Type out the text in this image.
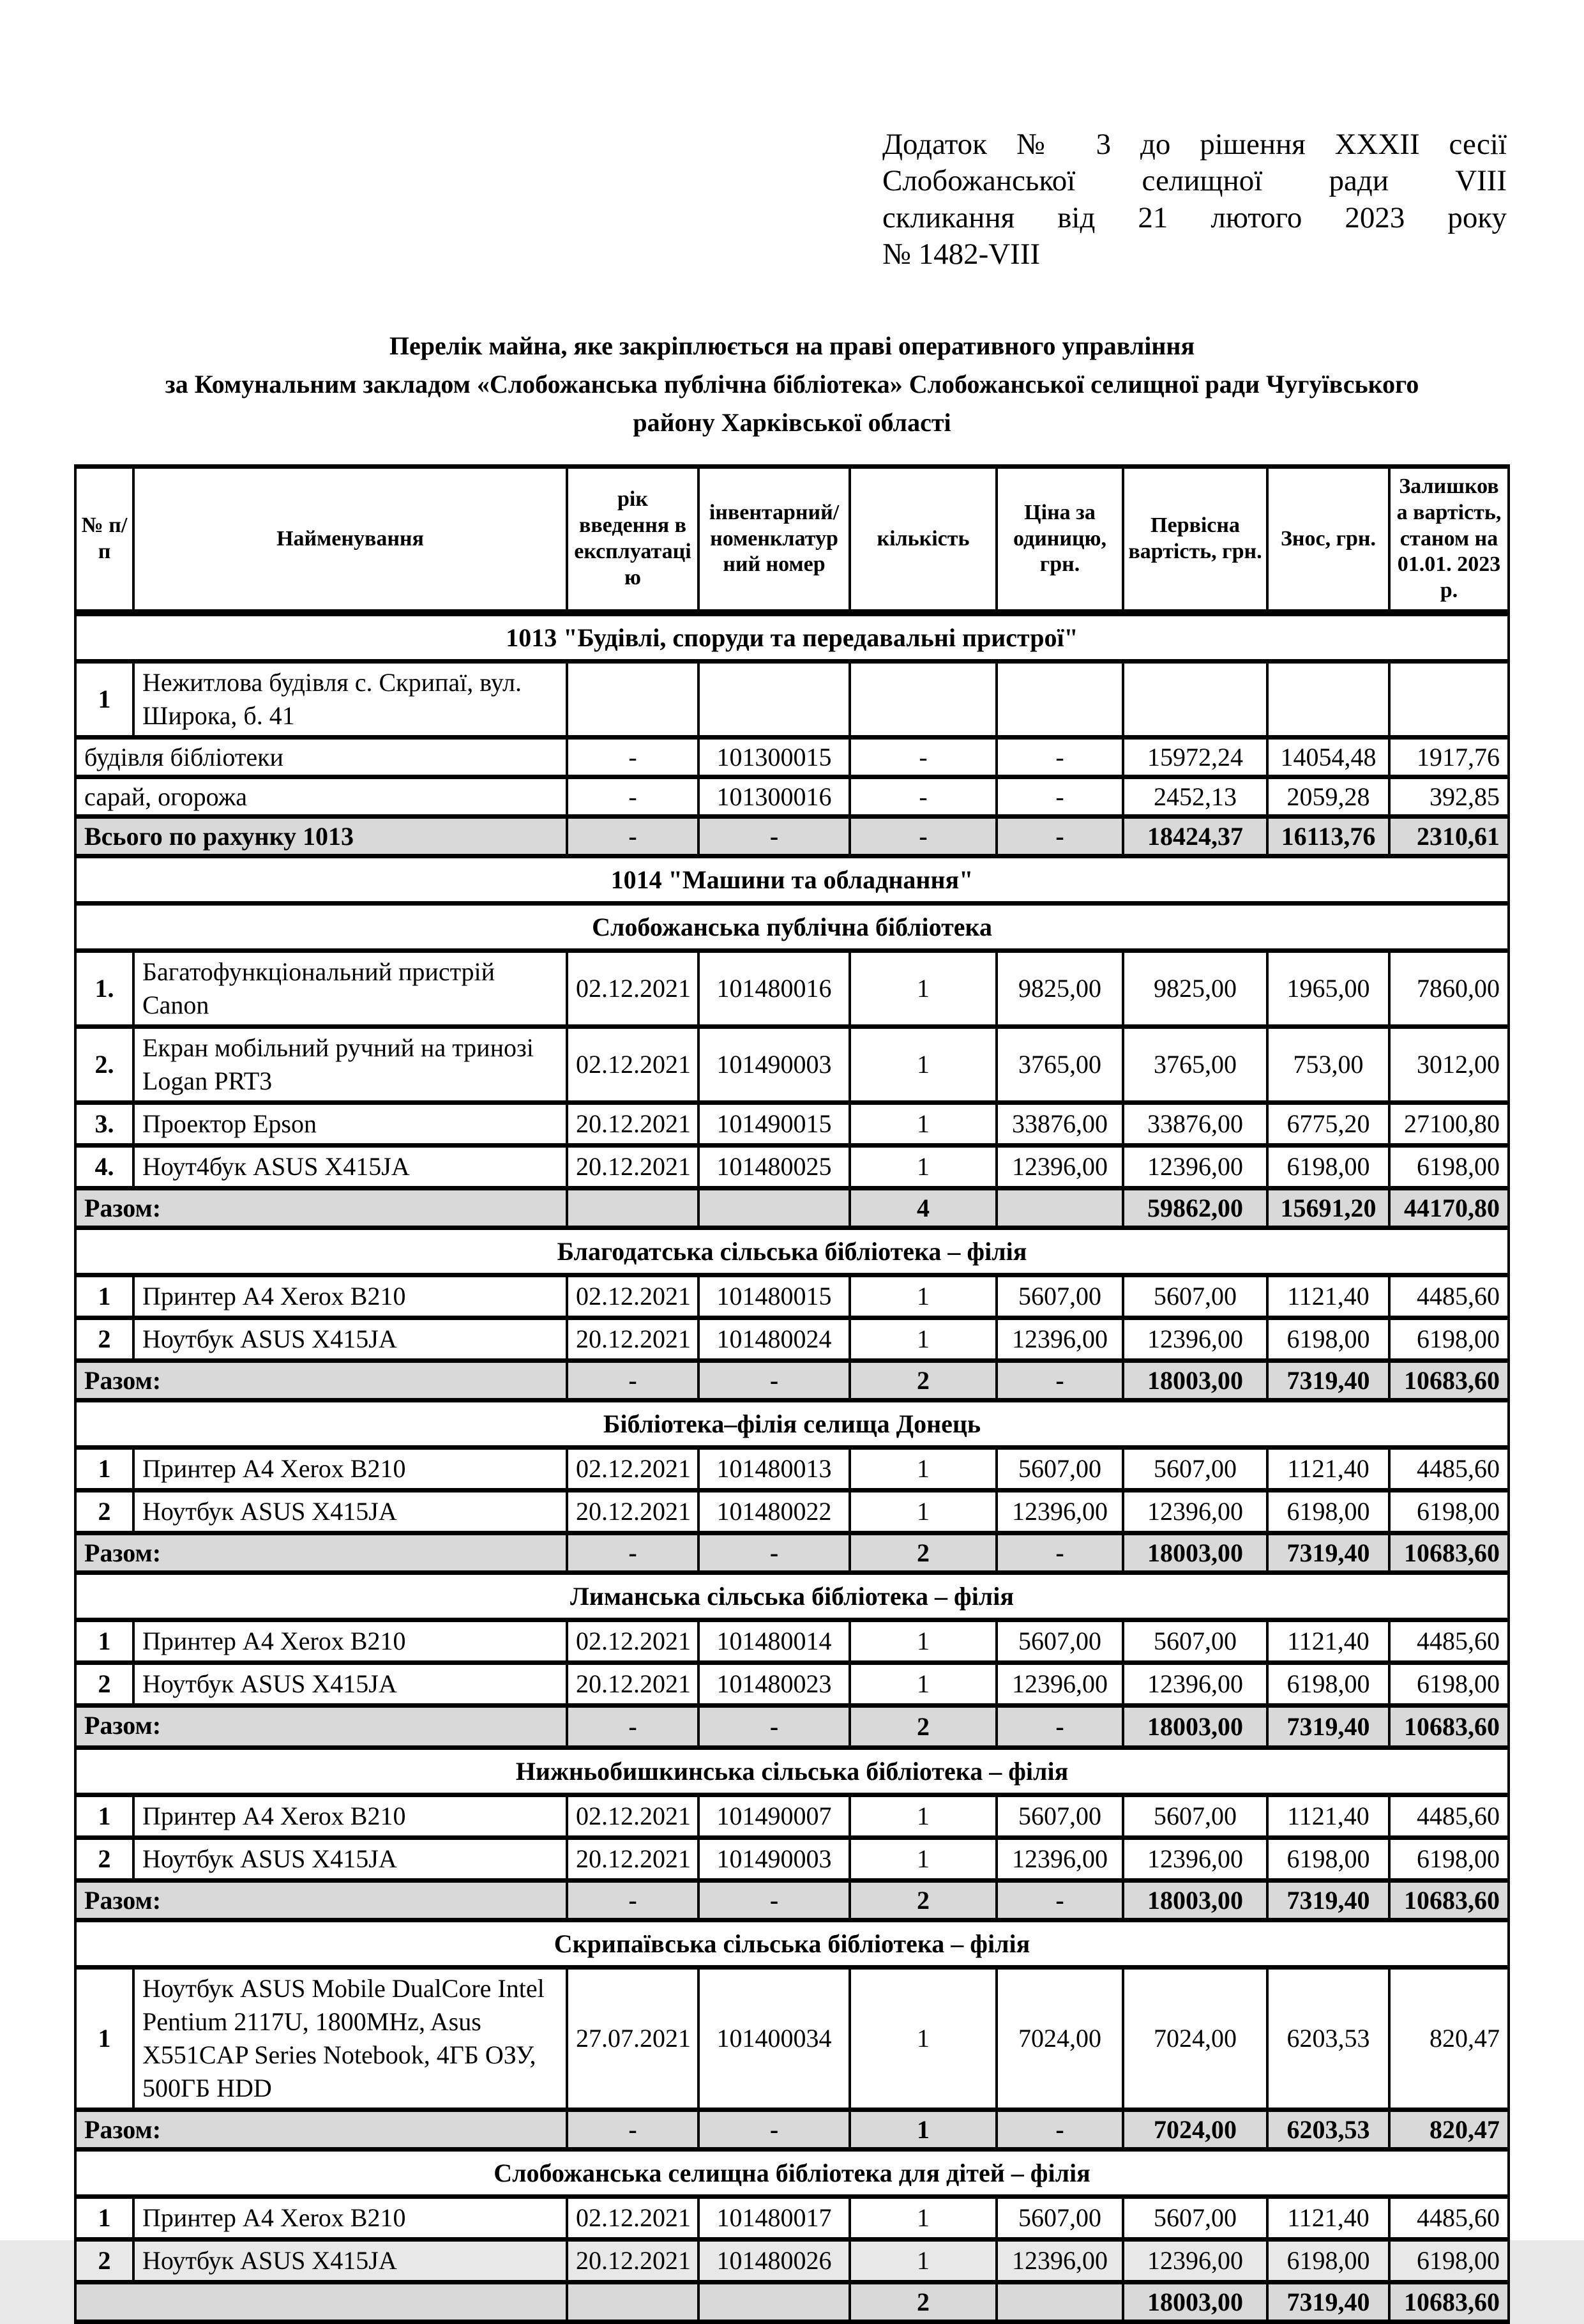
Додаток № 3 до рішення XXXII сесії
Слобожанської селищної ради VIII
скликання від 21 лютого 2023 року
№ 1482-VIII
Перелік майна, яке закріплюється на праві оперативного управління
за Комунальним закладом «Слобожанська публічна бібліотека» Слобожанської селищної ради Чугуївського
району Харківської області
№ п/п	Найменування	рік введення в експлуатацію	інвентарний/ номенклатур ний номер	кількість	Ціна за одиницю, грн.	Первісна вартість, грн.	Знос, грн.	Залишкова вартість, станом на 01.01. 2023 р.
1013 "Будівлі, споруди та передавальні пристрої"								
1	Нежитлова будівля с. Скрипаї, вул. Широка, б. 41							
будівля бібліотеки		-	101300015	-	-	15972,24	14054,48	1917,76
сарай, огорожа		-	101300016	-	-	2452,13	2059,28	392,85
Всього по рахунку 1013		-	-	-	-	18424,37	16113,76	2310,61
1014 "Машини та обладнання"								
Слобожанська публічна бібліотека								
1.	Багатофункціональний пристрій Canon	02.12.2021	101480016	1	9825,00	9825,00	1965,00	7860,00
2.	Екран мобільний ручний на тринозі Logan PRT3	02.12.2021	101490003	1	3765,00	3765,00	753,00	3012,00
3.	Проектор Epson	20.12.2021	101490015	1	33876,00	33876,00	6775,20	27100,80
4.	Ноут4бук ASUS X415JA	20.12.2021	101480025	1	12396,00	12396,00	6198,00	6198,00
Разом:				4		59862,00	15691,20	44170,80
Благодатська сільська бібліотека – філія								
1	Принтер А4 Xerox B210	02.12.2021	101480015	1	5607,00	5607,00	1121,40	4485,60
2	Ноутбук ASUS X415JA	20.12.2021	101480024	1	12396,00	12396,00	6198,00	6198,00
Разом:		-	-	2	-	18003,00	7319,40	10683,60
Бібліотека–філія селища Донець								
1	Принтер А4 Xerox B210	02.12.2021	101480013	1	5607,00	5607,00	1121,40	4485,60
2	Ноутбук ASUS X415JA	20.12.2021	101480022	1	12396,00	12396,00	6198,00	6198,00
Разом:		-	-	2	-	18003,00	7319,40	10683,60
Лиманська сільська бібліотека – філія								
1	Принтер А4 Xerox B210	02.12.2021	101480014	1	5607,00	5607,00	1121,40	4485,60
2	Ноутбук ASUS X415JA	20.12.2021	101480023	1	12396,00	12396,00	6198,00	6198,00
Разом:		-	-	2	-	18003,00	7319,40	10683,60
Нижньобишкинська сільська бібліотека – філія								
1	Принтер А4 Xerox B210	02.12.2021	101490007	1	5607,00	5607,00	1121,40	4485,60
2	Ноутбук ASUS X415JA	20.12.2021	101490003	1	12396,00	12396,00	6198,00	6198,00
Разом:		-	-	2	-	18003,00	7319,40	10683,60
Скрипаївська сільська бібліотека – філія								
1	Ноутбук ASUS Mobile DualCore Intel Pentium 2117U, 1800MHz, Asus X551CAP Series Notebook, 4ГБ ОЗУ, 500ГБ HDD	27.07.2021	101400034	1	7024,00	7024,00	6203,53	820,47
Разом:		-	-	1	-	7024,00	6203,53	820,47
Слобожанська селищна бібліотека для дітей – філія								
1	Принтер А4 Xerox B210	02.12.2021	101480017	1	5607,00	5607,00	1121,40	4485,60
2	Ноутбук ASUS X415JA	20.12.2021	101480026	1	12396,00	12396,00	6198,00	6198,00
				2		18003,00	7319,40	10683,60
